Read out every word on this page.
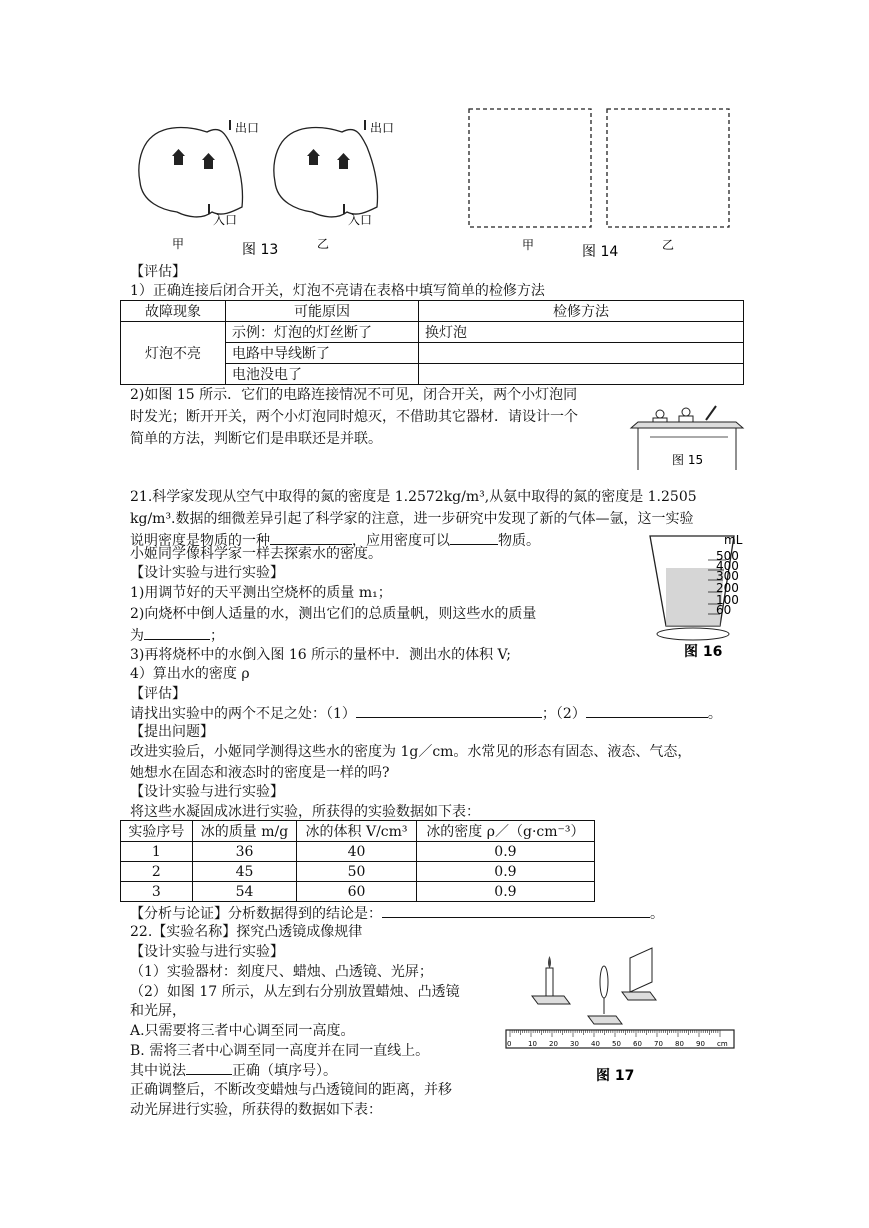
出口	出口
入口	入口
甲	图 13	乙	甲	图 14	乙
【评估】
1）正确连接后闭合开关，灯泡不亮请在表格中填写简单的检修方法
故障现象	可能原因	检修方法
灯泡不亮	示例：灯泡的灯丝断了	换灯泡
	电路中导线断了	
	电池没电了	
2)如图 15 所示．它们的电路连接情况不可见，闭合开关，两个小灯泡同
时发光；断开开关，两个小灯泡同时熄灭，不借助其它器材．请设计一个
简单的方法，判断它们是串联还是并联。
图 15
21.科学家发现从空气中取得的氮的密度是 1.2572kg/m³,从氨中取得的氮的密度是 1.2505
kg/m³.数据的细微差异引起了科学家的注意，进一步研究中发现了新的气体—氩，这一实验
说明密度是物质的一种	，应用密度可以	物质。
小姬同学像科学家一样去探索水的密度。
【设计实验与进行实验】
1)用调节好的天平测出空烧杯的质量 m₁；
2)向烧杯中倒人适量的水，测出它们的总质量帆，则这些水的质量
为	；
3)再将烧杯中的水倒入图 16 所示的量杯中．测出水的体积 V;
4）算出水的密度 ρ
【评估】
请找出实验中的两个不足之处：（1）	；（2）	。
【提出问题】
改进实验后，小姬同学测得这些水的密度为 1g／cm。水常见的形态有固态、液态、气态，
她想水在固态和液态时的密度是一样的吗?
【设计实验与进行实验】
将这些水凝固成冰进行实验，所获得的实验数据如下表：
mL
500
400
300
200
100
60
图 16
实验序号	冰的质量 m/g	冰的体积 V/cm³	冰的密度 ρ／（g·cm⁻³）
1	36	40	0.9
2	45	50	0.9
3	54	60	0.9
【分析与论证】分析数据得到的结论是：	。
22.【实验名称】探究凸透镜成像规律
【设计实验与进行实验】
（1）实验器材：刻度尺、蜡烛、凸透镜、光屏；
（2）如图 17 所示，从左到右分别放置蜡烛、凸透镜
和光屏，
A.只需要将三者中心调至同一高度。
B. 需将三者中心调至同一高度并在同一直线上。
其中说法	正确（填序号）。
正确调整后，不断改变蜡烛与凸透镜间的距离，并移
动光屏进行实验，所获得的数据如下表：
0 10 20 30 40 50 60 70 80 90 cm
图 17
